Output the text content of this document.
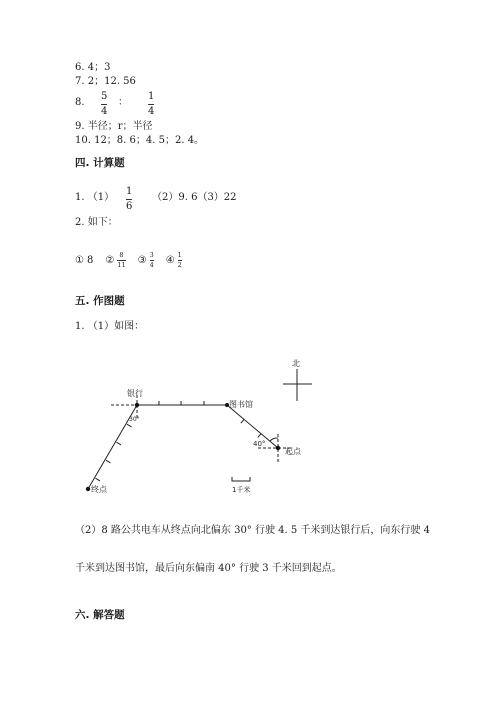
6. 4；3
7. 2；12. 56
8.
5
4
：
1
4
9. 半径；r；半径
10. 12；8. 6；4. 5；2. 4。
四. 计算题
1. （1）
1
6
（2）9. 6（3）22
2. 如下：
① 8 ② 8
11 ③ 3
4 ④ 1
2
五. 作图题
1. （1）如图：
北
银行
图书馆
起点
终点
30°
40°
1千米
（2）8 路公共电车从终点向北偏东 30° 行驶 4. 5 千米到达银行后，向东行驶 4
千米到达图书馆，最后向东偏南 40° 行驶 3 千米回到起点。
六. 解答题
